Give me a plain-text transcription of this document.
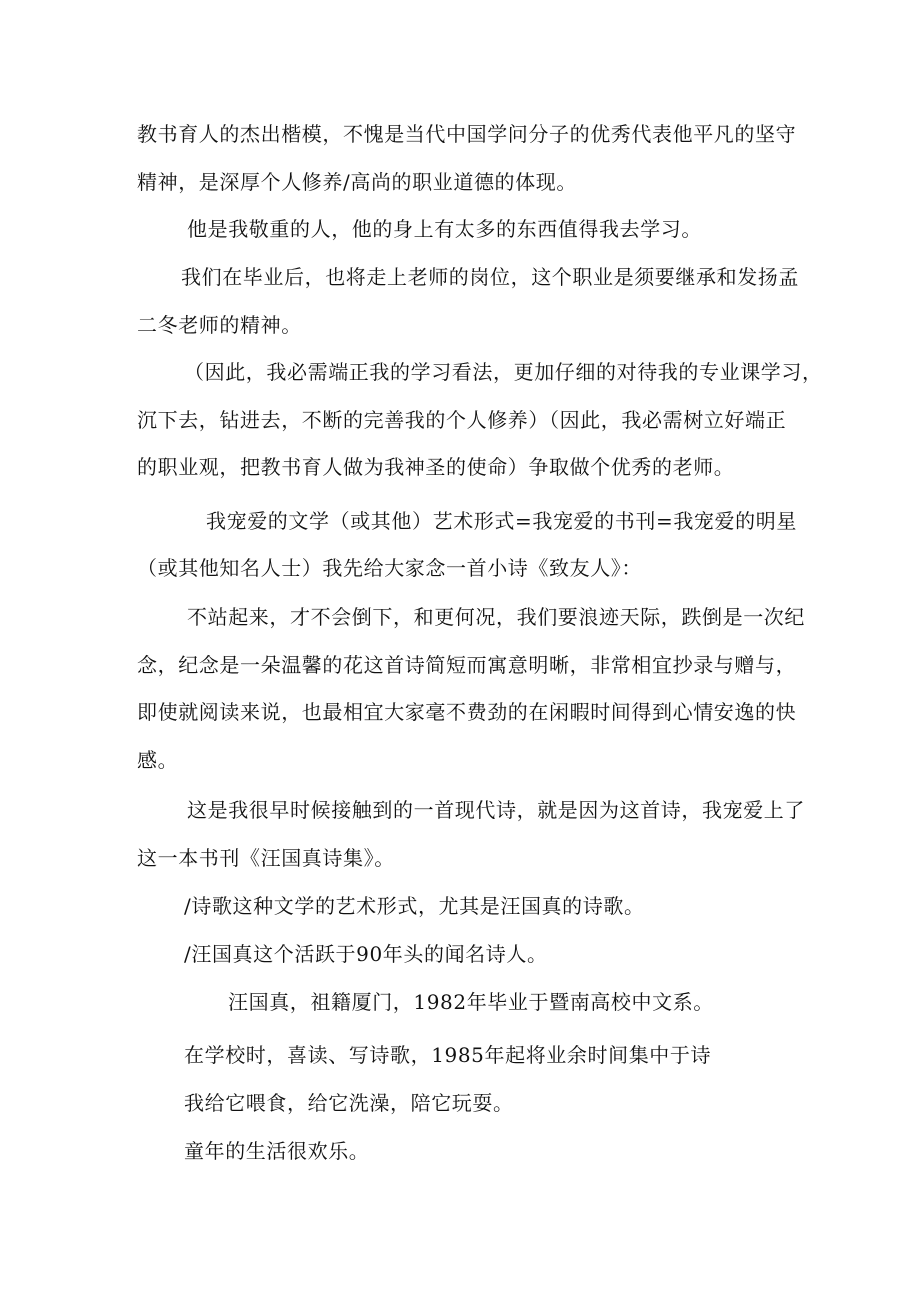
教书育人的杰出楷模，不愧是当代中国学问分子的优秀代表他平凡的坚守
精神，是深厚个人修养/高尚的职业道德的体现。
他是我敬重的人，他的身上有太多的东西值得我去学习。
我们在毕业后，也将走上老师的岗位，这个职业是须要继承和发扬孟
二冬老师的精神。
（因此，我必需端正我的学习看法，更加仔细的对待我的专业课学习，
沉下去，钻进去，不断的完善我的个人修养）（因此，我必需树立好端正
的职业观，把教书育人做为我神圣的使命）争取做个优秀的老师。
我宠爱的文学（或其他）艺术形式=我宠爱的书刊=我宠爱的明星
（或其他知名人士）我先给大家念一首小诗《致友人》：
不站起来，才不会倒下，和更何况，我们要浪迹天际，跌倒是一次纪
念，纪念是一朵温馨的花这首诗简短而寓意明晰，非常相宜抄录与赠与，
即使就阅读来说，也最相宜大家毫不费劲的在闲暇时间得到心情安逸的快
感。
这是我很早时候接触到的一首现代诗，就是因为这首诗，我宠爱上了
这一本书刊《汪国真诗集》。
/诗歌这种文学的艺术形式，尤其是汪国真的诗歌。
/汪国真这个活跃于90年头的闻名诗人。
汪国真，祖籍厦门，1982年毕业于暨南高校中文系。
在学校时，喜读、写诗歌，1985年起将业余时间集中于诗
我给它喂食，给它洗澡，陪它玩耍。
童年的生活很欢乐。
